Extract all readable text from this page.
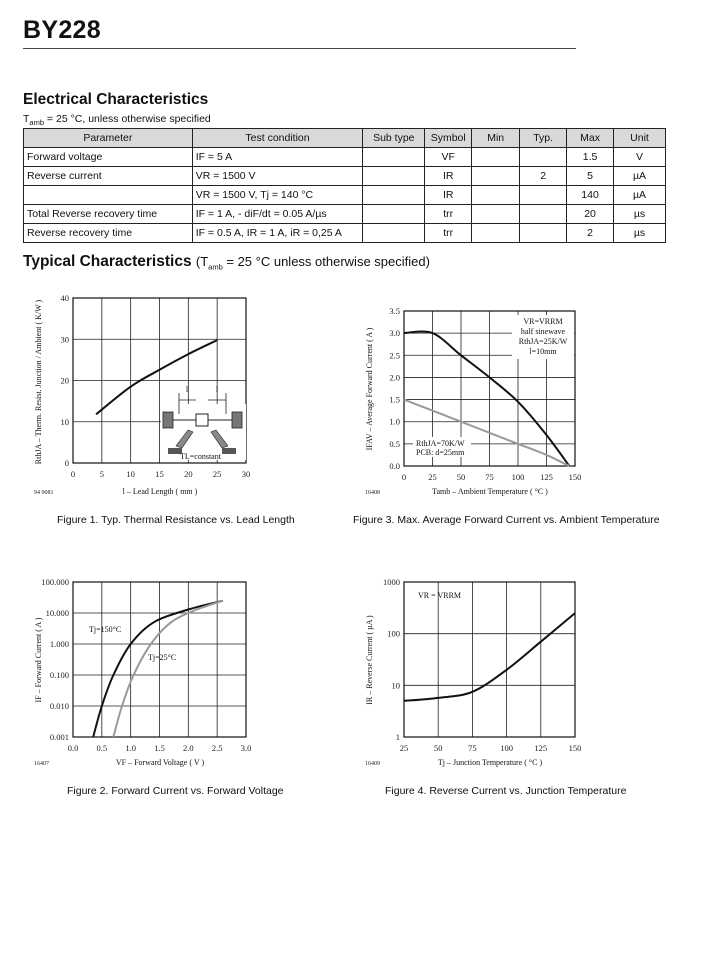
BY228
Electrical Characteristics
$T_{amb} = 25$ °C, unless otherwise specified
Parameter	Test condition	Sub type	Symbol	Min	Typ.	Max	Unit
Forward voltage	IF = 5 A		VF			1.5	V
Reverse current	VR = 1500 V		IR		2	5	µA
	VR = 1500 V, Tj = 140 °C		IR			140	µA
Total Reverse recovery time	IF = 1 A, - diF/dt = 0.05 A/µs		trr			20	µs
Reverse recovery time	IF = 0.5 A, IR = 1 A, iR = 0,25 A		trr			2	µs
Typical Characteristics ($T_{amb} = 25$ °C unless otherwise specified)
0	5	10 15 20 25 30
0
10
20
30
40
l – Lead Length ( mm )
RthJA – Therm. Resist. Junction / Ambient ( K/W )
94 9081
0	25 50 75 100 125 150
0.0
0.5
1.0
1.5
2.0
2.5
3.0
3.5
Tamb – Ambient Temperature ( °C )
IFAV – Average Forward Current ( A )
16408
0.0 0.5 1.0 1.5 2.0 2.5 3.0
0.001
0.010
0.100
1.000
10.000
100.000
VF – Forward Voltage ( V )
IF – Forward Current ( A )
16407
25	50	75	100	125	150
1
10
100
1000
Tj – Junction Temperature ( °C )
IR – Reverse Current ( µA )
16409
l	l
TL=constant
VR=VRRM
half sinewave
RthJA=25K/W
l=10mm
RthJA=70K/W
PCB: d=25mm
Tj=150°C
Tj=25°C
VR = VRRM
Figure 1. Typ. Thermal Resistance vs. Lead Length	Figure 3. Max. Average Forward Current vs. Ambient Temperature
Figure 2. Forward Current vs. Forward Voltage	Figure 4. Reverse Current vs. Junction Temperature
